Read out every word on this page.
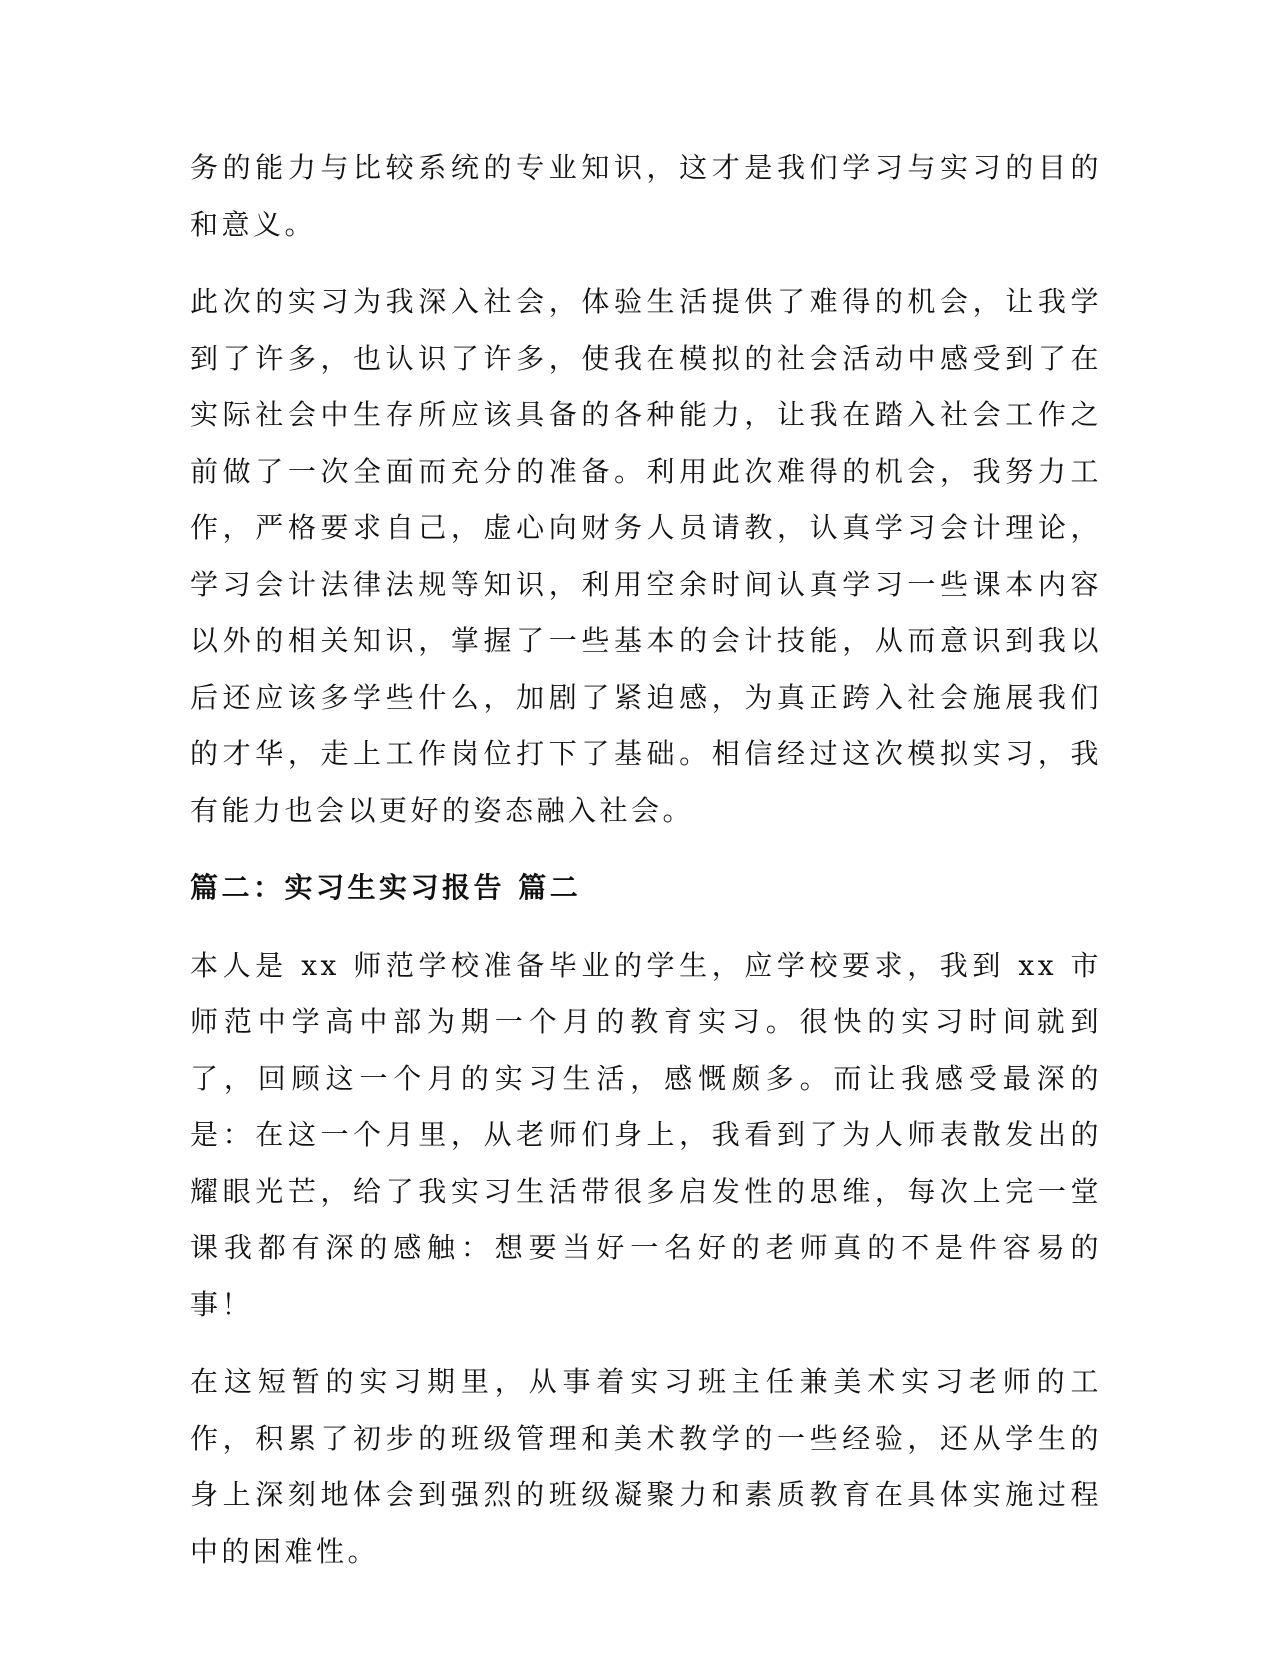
务的能力与比较系统的专业知识，这才是我们学习与实习的目的和意义。

此次的实习为我深入社会，体验生活提供了难得的机会，让我学到了许多，也认识了许多，使我在模拟的社会活动中感受到了在实际社会中生存所应该具备的各种能力，让我在踏入社会工作之前做了一次全面而充分的准备。利用此次难得的机会，我努力工作，严格要求自己，虚心向财务人员请教，认真学习会计理论，学习会计法律法规等知识，利用空余时间认真学习一些课本内容以外的相关知识，掌握了一些基本的会计技能，从而意识到我以后还应该多学些什么，加剧了紧迫感，为真正跨入社会施展我们的才华，走上工作岗位打下了基础。相信经过这次模拟实习，我有能力也会以更好的姿态融入社会。

篇二：实习生实习报告 篇二

本人是 xx 师范学校准备毕业的学生，应学校要求，我到 xx 市师范中学高中部为期一个月的教育实习。很快的实习时间就到了，回顾这一个月的实习生活，感慨颇多。而让我感受最深的是：在这一个月里，从老师们身上，我看到了为人师表散发出的耀眼光芒，给了我实习生活带很多启发性的思维，每次上完一堂课我都有深的感触：想要当好一名好的老师真的不是件容易的事！

在这短暂的实习期里，从事着实习班主任兼美术实习老师的工作，积累了初步的班级管理和美术教学的一些经验，还从学生的身上深刻地体会到强烈的班级凝聚力和素质教育在具体实施过程中的困难性。
